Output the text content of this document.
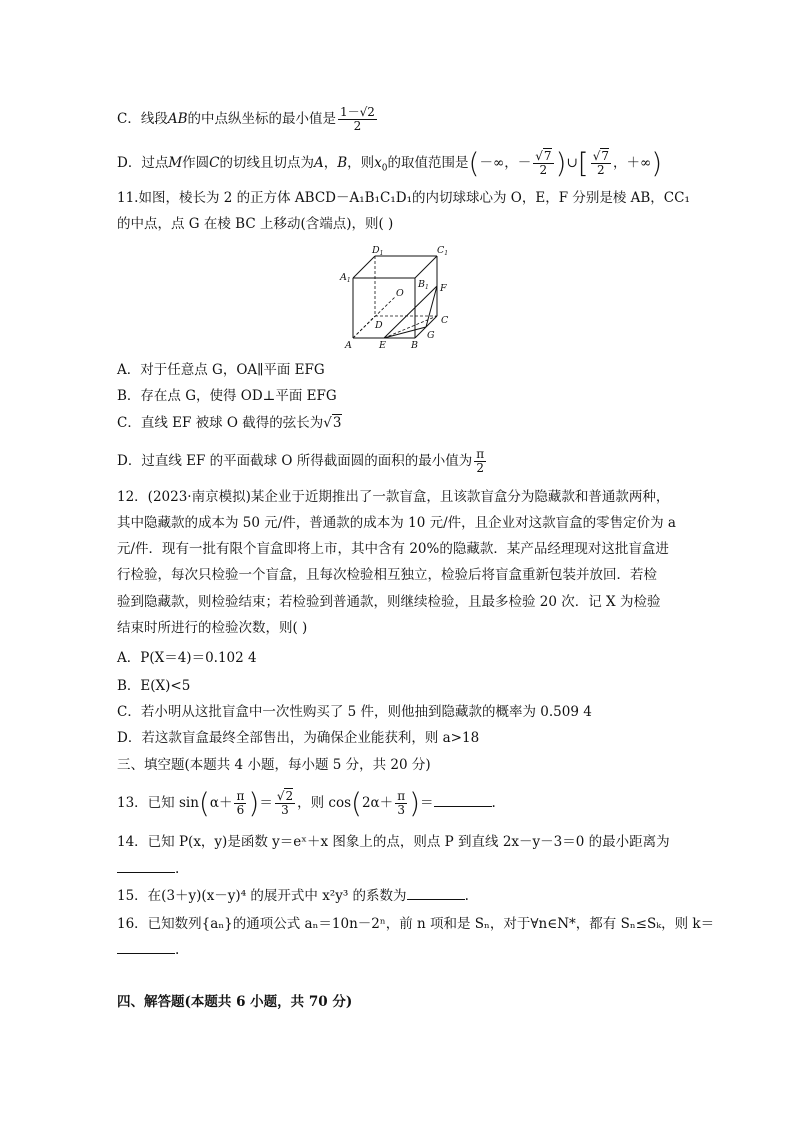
C．线段AB的中点纵坐标的最小值是 $\frac{1-√2}{2}$
D．过点M作圆C的切线且切点为A，B，则$x_0$的取值范围是(－∞，－ $\frac{√7}{2}$ )∪[ $\frac{√7}{2}$ ，＋∞)
11.如图，棱长为 2 的正方体 ABCD－A₁B₁C₁D₁的内切球球心为 O，E，F 分别是棱 AB，CC₁
的中点，点 G 在棱 BC 上移动(含端点)，则( )
$D_1$	$C_1$
$A_1$	$B_1$
O	F
D	C
A	E	B
G
A．对于任意点 G，OA∥平面 EFG
B．存在点 G，使得 OD⊥平面 EFG
C．直线 EF 被球 O 截得的弦长为√3
D．过直线 EF 的平面截球 O 所得截面圆的面积的最小值为 $\frac{\pi}{2}$
12．(2023·南京模拟)某企业于近期推出了一款盲盒，且该款盲盒分为隐藏款和普通款两种，
其中隐藏款的成本为 50 元/件，普通款的成本为 10 元/件，且企业对这款盲盒的零售定价为 a
元/件．现有一批有限个盲盒即将上市，其中含有 20%的隐藏款．某产品经理现对这批盲盒进
行检验，每次只检验一个盲盒，且每次检验相互独立，检验后将盲盒重新包装并放回．若检
验到隐藏款，则检验结束；若检验到普通款，则继续检验，且最多检验 20 次．记 X 为检验
结束时所进行的检验次数，则( )
A．P(X＝4)＝0.102 4
B．E(X)<5
C．若小明从这批盲盒中一次性购买了 5 件，则他抽到隐藏款的概率为 0.509 4
D．若这款盲盒最终全部售出，为确保企业能获利，则 a>18
三、填空题(本题共 4 小题，每小题 5 分，共 20 分)
13．已知 $\sin(\alpha+ \frac{\pi}{6}$ )＝ $\frac{√2}{3}$ ，则 $\cos(2\alpha+ \frac{\pi}{3}$ )＝	.
14．已知 P(x，y)是函数 y＝eˣ＋x 图象上的点，则点 P 到直线 2x－y－3＝0 的最小距离为
.
15．在(3＋y)(x－y)⁴ 的展开式中 x²y³ 的系数为	.
16．已知数列{aₙ}的通项公式 aₙ＝10n－2ⁿ，前 n 项和是 Sₙ，对于∀n∈N*，都有 Sₙ≤Sₖ，则 k＝
.
四、解答题(本题共 6 小题，共 70 分)
